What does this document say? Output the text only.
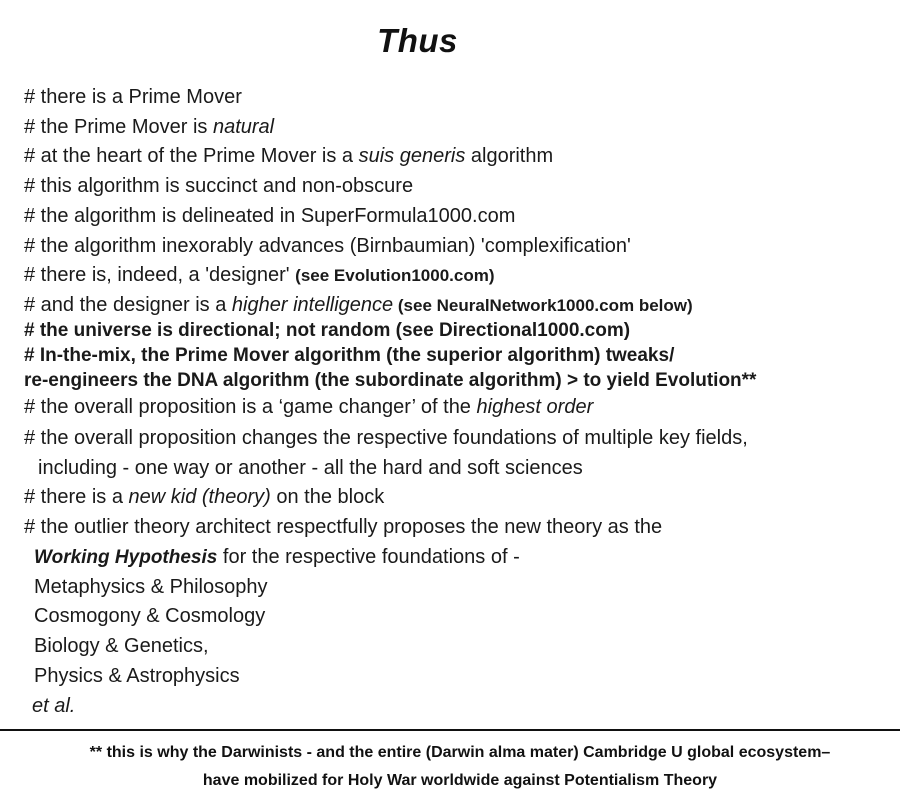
Thus
# there is a Prime Mover
# the Prime Mover is natural
# at the heart of the Prime Mover is a suis generis algorithm
# this algorithm is succinct and non-obscure
# the algorithm is delineated in SuperFormula1000.com
# the algorithm inexorably advances (Birnbaumian) 'complexification'
# there is, indeed, a 'designer' (see Evolution1000.com)
# and the designer is a higher intelligence (see NeuralNetwork1000.com below)
# the universe is directional; not random (see Directional1000.com)
# In-the-mix, the Prime Mover algorithm (the superior algorithm) tweaks/
re-engineers the DNA algorithm (the subordinate algorithm) > to yield Evolution**
# the overall proposition is a ‘game changer’ of the highest order
# the overall proposition changes the respective foundations of multiple key fields,
including - one way or another - all the hard and soft sciences
# there is a new kid (theory) on the block
# the outlier theory architect respectfully proposes the new theory as the
Working Hypothesis for the respective foundations of -
Metaphysics & Philosophy
Cosmogony & Cosmology
Biology & Genetics,
Physics & Astrophysics
et al.
** this is why the Darwinists - and the entire (Darwin alma mater) Cambridge U global ecosystem–
have mobilized for Holy War worldwide against Potentialism Theory
